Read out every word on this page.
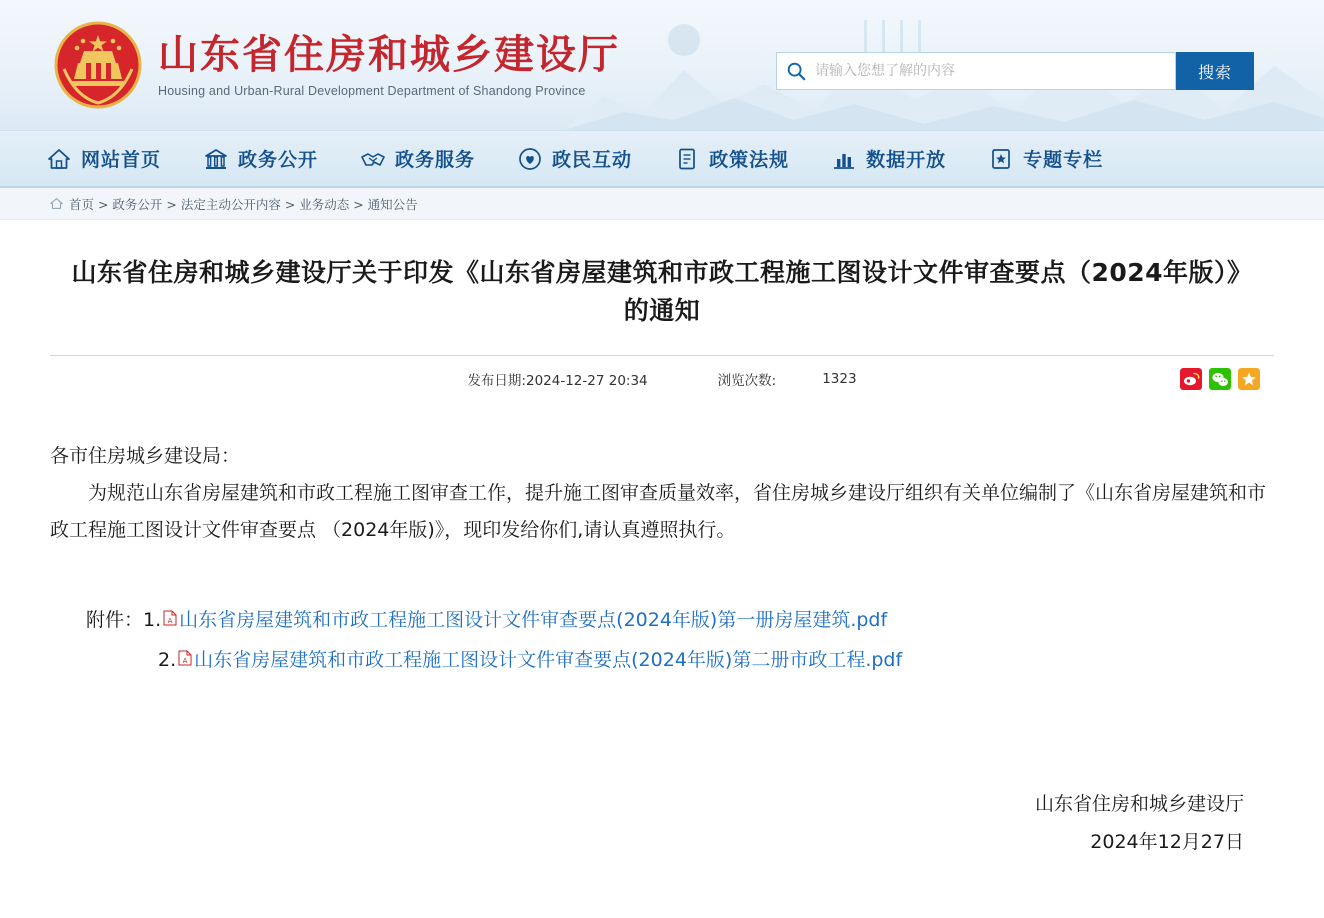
山东省住房和城乡建设厅
Housing and Urban-Rural Development Department of Shandong Province
请输入您想了解的内容
搜索
网站首页	政务公开	政务服务	政民互动	政策法规	数据开放	专题专栏
首页 > 政务公开 > 法定主动公开内容 > 业务动态 > 通知公告
山东省住房和城乡建设厅关于印发《山东省房屋建筑和市政工程施工图设计文件审查要点（2024年版）》的通知
发布日期:2024-12-27 20:34	浏览次数:	1323

各市住房城乡建设局：

为规范山东省房屋建筑和市政工程施工图审查工作，提升施工图审查质量效率，省住房城乡建设厅组织有关单位编制了《山东省房屋建筑和市政工程施工图设计文件审查要点 （2024年版)》，现印发给你们,请认真遵照执行。

附件： 1. A 山东省房屋建筑和市政工程施工图设计文件审查要点(2024年版)第一册房屋建筑.pdf
2. A 山东省房屋建筑和市政工程施工图设计文件审查要点(2024年版)第二册市政工程.pdf
山东省住房和城乡建设厅
2024年12月27日
